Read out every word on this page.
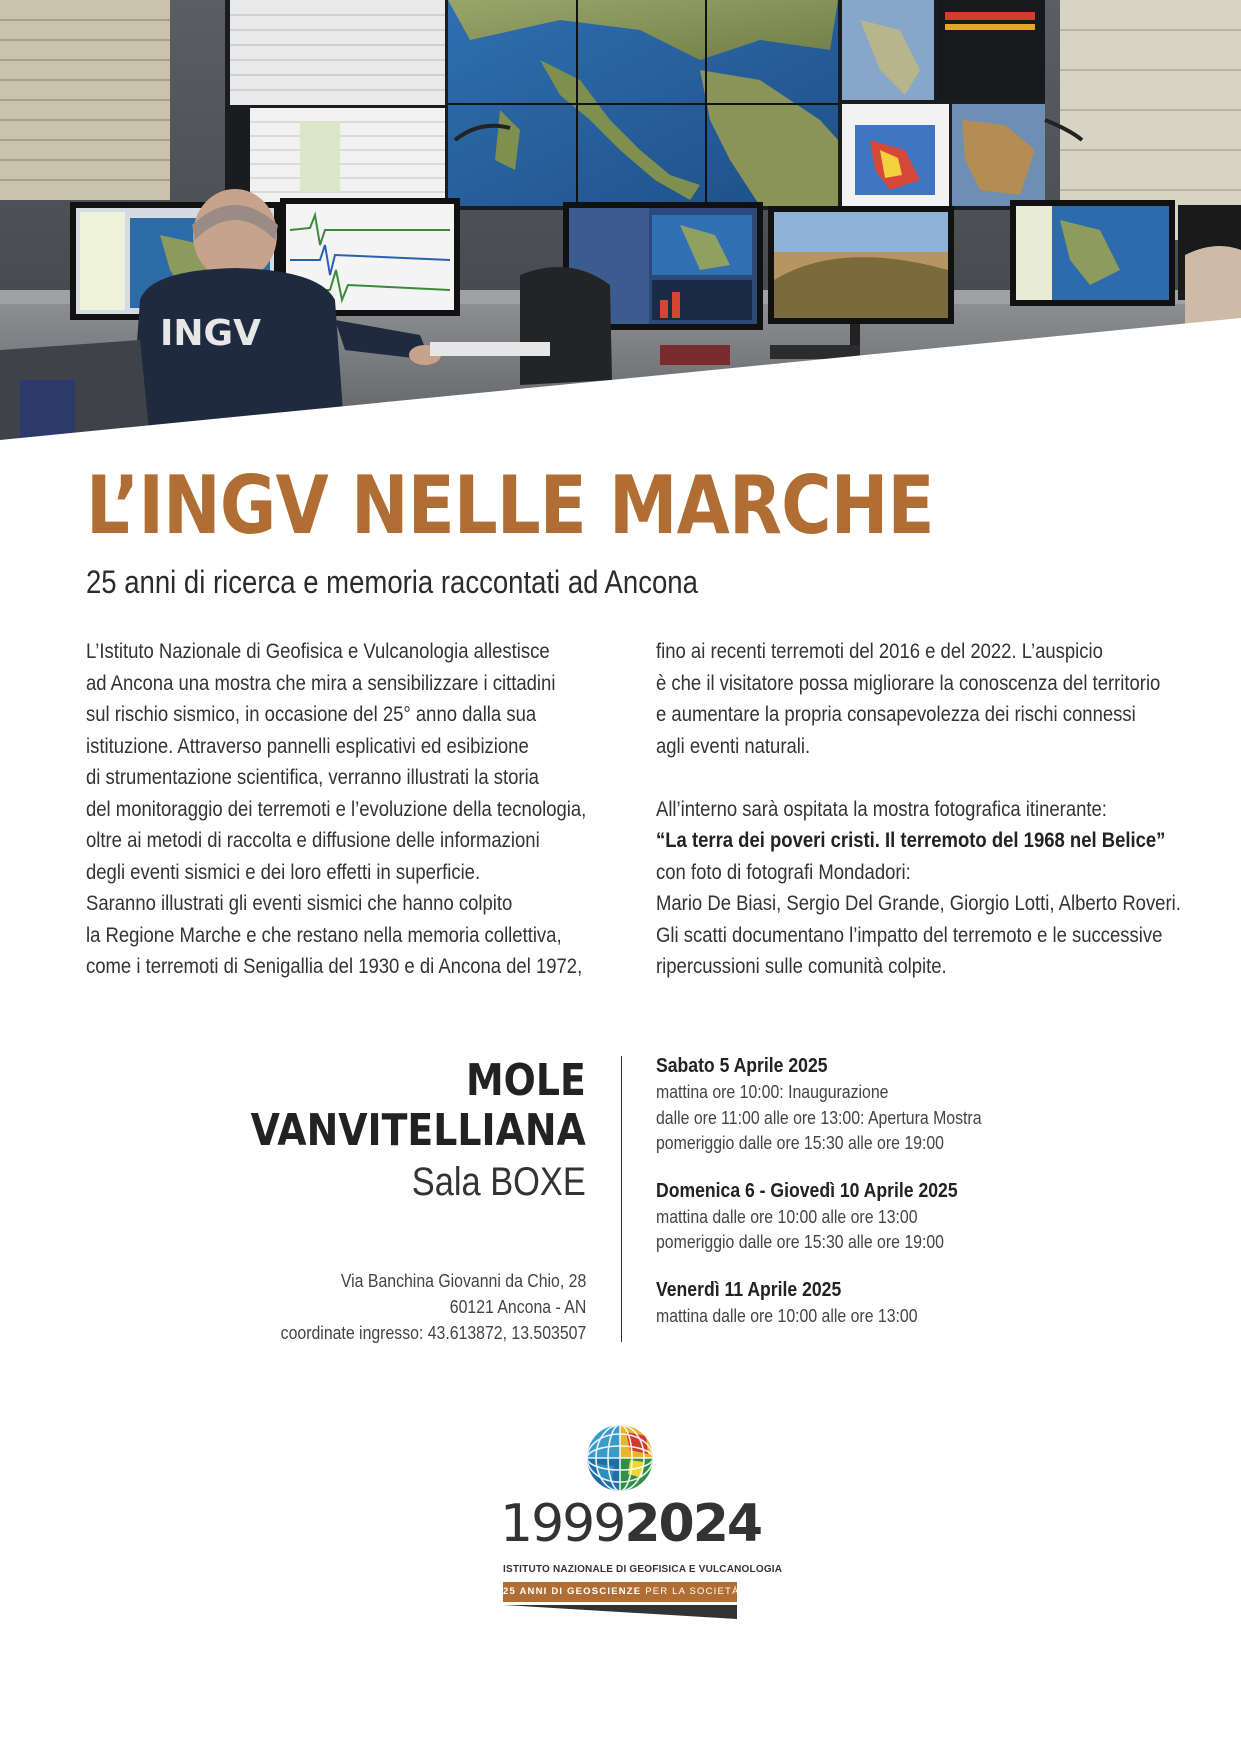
INGV
L’INGV NELLE MARCHE
25 anni di ricerca e memoria raccontati ad Ancona
L’Istituto Nazionale di Geofisica e Vulcanologia allestisce
ad Ancona una mostra che mira a sensibilizzare i cittadini
sul rischio sismico, in occasione del 25° anno dalla sua
istituzione. Attraverso pannelli esplicativi ed esibizione
di strumentazione scientifica, verranno illustrati la storia
del monitoraggio dei terremoti e l’evoluzione della tecnologia,
oltre ai metodi di raccolta e diffusione delle informazioni
degli eventi sismici e dei loro effetti in superficie.
Saranno illustrati gli eventi sismici che hanno colpito
la Regione Marche e che restano nella memoria collettiva,
come i terremoti di Senigallia del 1930 e di Ancona del 1972,
fino ai recenti terremoti del 2016 e del 2022. L’auspicio
è che il visitatore possa migliorare la conoscenza del territorio
e aumentare la propria consapevolezza dei rischi connessi
agli eventi naturali.
All’interno sarà ospitata la mostra fotografica itinerante:
“La terra dei poveri cristi. Il terremoto del 1968 nel Belice”
con foto di fotografi Mondadori:
Mario De Biasi, Sergio Del Grande, Giorgio Lotti, Alberto Roveri.
Gli scatti documentano l’impatto del terremoto e le successive
ripercussioni sulle comunità colpite.
MOLE
VANVITELLIANA
Sala BOXE
Via Banchina Giovanni da Chio, 28
60121 Ancona - AN
coordinate ingresso: 43.613872, 13.503507
Sabato 5 Aprile 2025
mattina ore 10:00: Inaugurazione
dalle ore 11:00 alle ore 13:00: Apertura Mostra
pomeriggio dalle ore 15:30 alle ore 19:00
Domenica 6 - Giovedì 10 Aprile 2025
mattina dalle ore 10:00 alle ore 13:00
pomeriggio dalle ore 15:30 alle ore 19:00
Venerdì 11 Aprile 2025
mattina dalle ore 10:00 alle ore 13:00
19992024
ISTITUTO NAZIONALE DI GEOFISICA E VULCANOLOGIA
25 ANNI DI GEOSCIENZE PER LA SOCIETÀ
